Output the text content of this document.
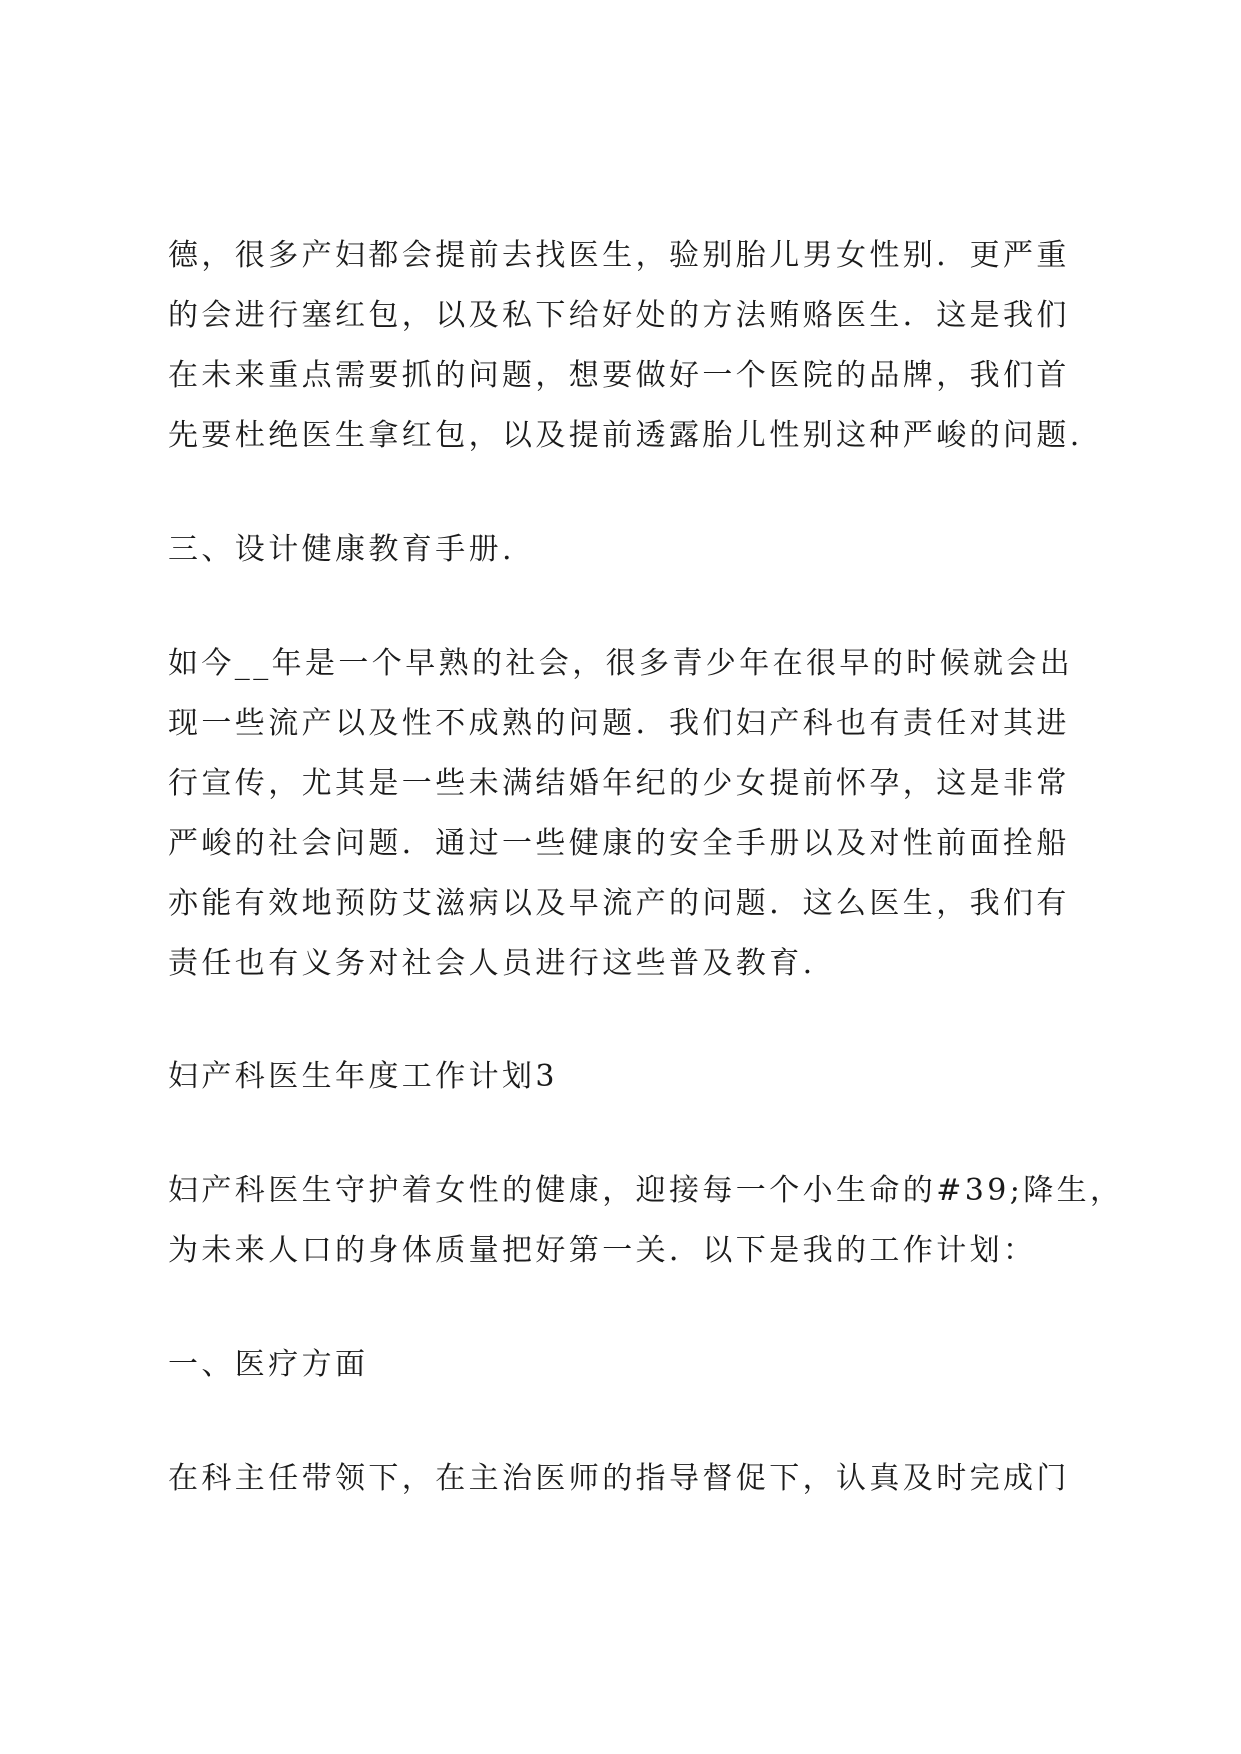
德，很多产妇都会提前去找医生，验别胎儿男女性别．更严重

的会进行塞红包，以及私下给好处的方法贿赂医生．这是我们

在未来重点需要抓的问题，想要做好一个医院的品牌，我们首

先要杜绝医生拿红包，以及提前透露胎儿性别这种严峻的问题.

三、设计健康教育手册.

如今__年是一个早熟的社会，很多青少年在很早的时候就会出

现一些流产以及性不成熟的问题．我们妇产科也有责任对其进

行宣传，尤其是一些未满结婚年纪的少女提前怀孕，这是非常

严峻的社会问题．通过一些健康的安全手册以及对性前面拴船

亦能有效地预防艾滋病以及早流产的问题．这么医生，我们有

责任也有义务对社会人员进行这些普及教育.

妇产科医生年度工作计划3

妇产科医生守护着女性的健康，迎接每一个小生命的#39;降生，

为未来人口的身体质量把好第一关．以下是我的工作计划：

一、医疗方面

在科主任带领下，在主治医师的指导督促下，认真及时完成门
